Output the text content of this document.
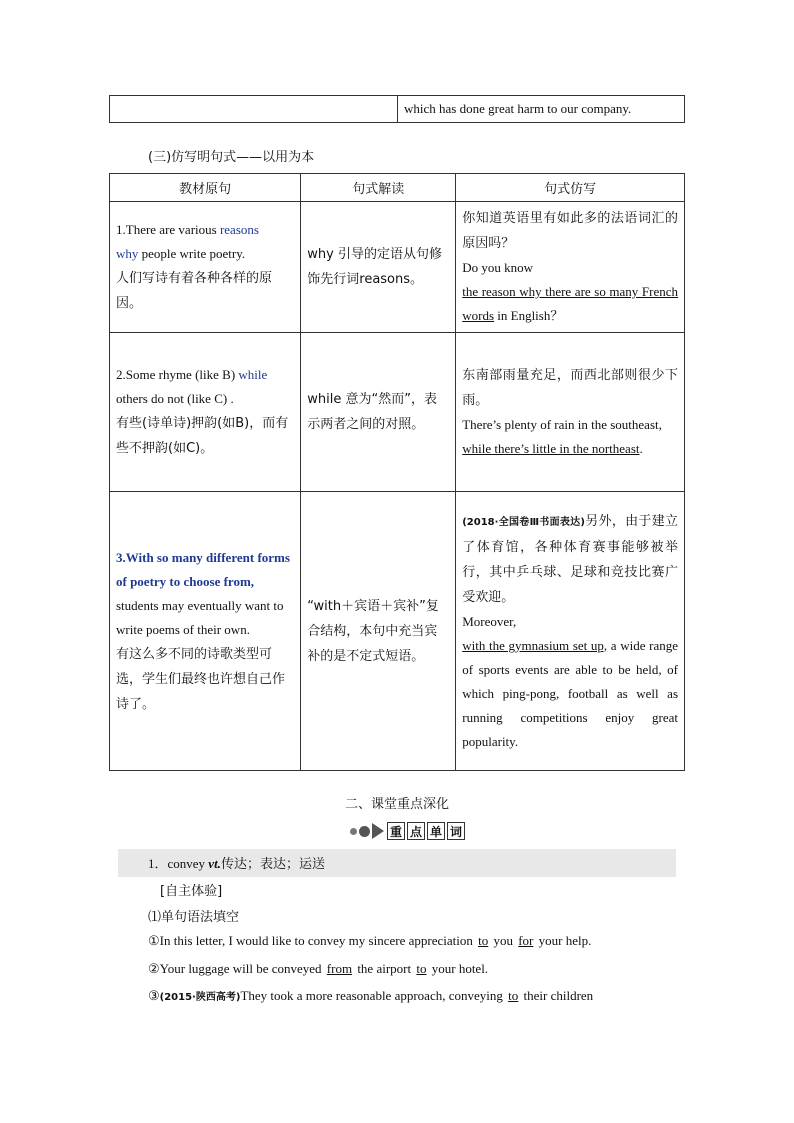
	which has done great harm to our company.
(三)仿写明句式——以用为本
教材原句	句式解读	句式仿写
1.There are various reasons
why people write poetry.
人们写诗有着各种各样的原因。	why 引导的定语从句修饰先行词reasons。	你知道英语里有如此多的法语词汇的原因吗？
Do you know
the reason why there are so many French words in English？
2.Some rhyme (like B) while others do not (like C) .
有些(诗单诗)押韵(如B)，而有些不押韵(如C)。	while 意为“然而”，表示两者之间的对照。	东南部雨量充足，而西北部则很少下雨。
There’s plenty of rain in the southeast,
while there’s little in the northeast.
3.With so many different forms of poetry to choose from, students may eventually want to write poems of their own.
有这么多不同的诗歌类型可选，学生们最终也许想自己作诗了。	“with＋宾语＋宾补”复合结构，本句中充当宾补的是不定式短语。	(2018·全国卷Ⅲ书面表达)另外，由于建立了体育馆，各种体育赛事能够被举行，其中乒乓球、足球和竞技比赛广受欢迎。
Moreover,
with the gymnasium set up, a wide range of sports events are able to be held, of which ping-pong, football as well as running competitions enjoy great popularity.
二、课堂重点深化
重 点 单 词
1．convey vt.传达；表达；运送
[自主体验]
⑴单句语法填空
①In this letter, I would like to convey my sincere appreciation to you for your help.
②Your luggage will be conveyed from the airport to your hotel.
③(2015·陕西高考)They took a more reasonable approach, conveying to their children
